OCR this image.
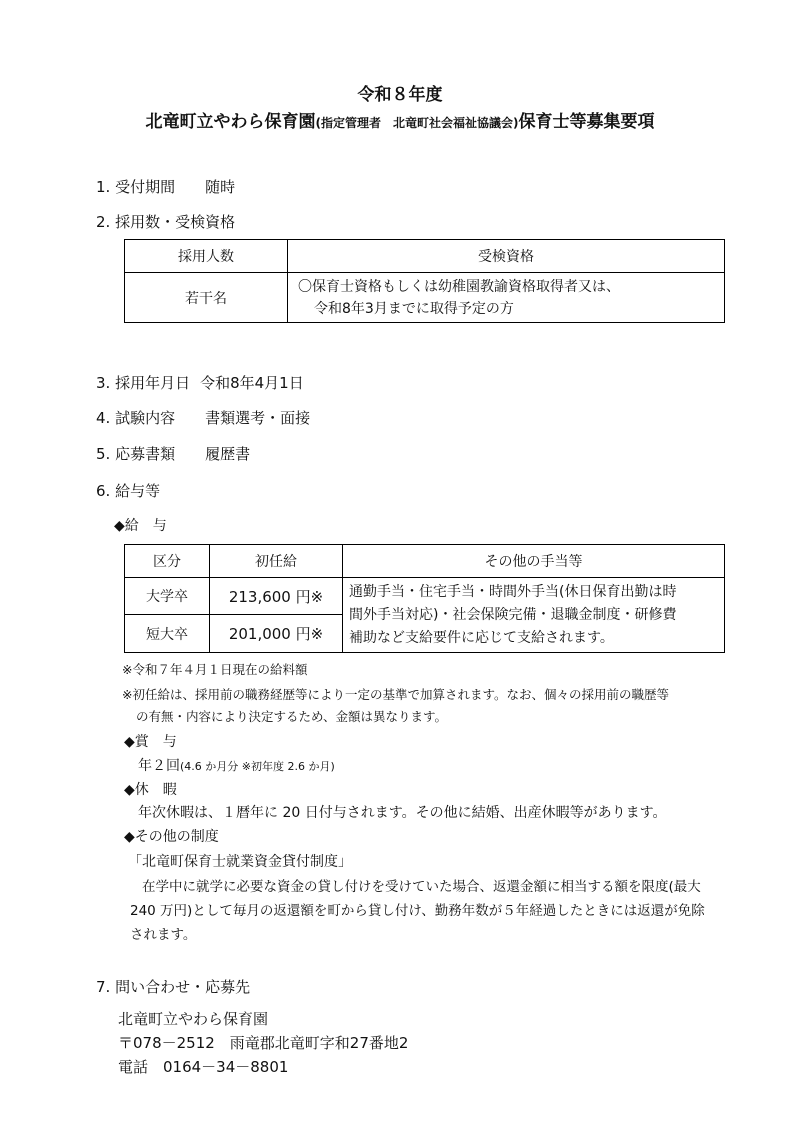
令和８年度
北竜町立やわら保育園(指定管理者　北竜町社会福祉協議会)保育士等募集要項
1. 受付期間 随時
2. 採用数・受検資格
採用人数	受検資格
若干名	〇保育士資格もしくは幼稚園教諭資格取得者又は、
令和8年3月までに取得予定の方
3. 採用年月日 令和8年4月1日
4. 試験内容 書類選考・面接
5. 応募書類 履歴書
6. 給与等
◆給　与
区分	初任給	その他の手当等
大学卒	213,600 円※	通勤手当・住宅手当・時間外手当(休日保育出勤は時
間外手当対応)・社会保険完備・退職金制度・研修費
補助など支給要件に応じて支給されます。

短大卒	201,000 円※	
※令和７年４月１日現在の給料額
※初任給は、採用前の職務経歴等により一定の基準で加算されます。なお、個々の採用前の職歴等
の有無・内容により決定するため、金額は異なります。
◆賞　与
年２回(4.6 か月分 ※初年度 2.6 か月)
◆休　暇
年次休暇は、１暦年に 20 日付与されます。その他に結婚、出産休暇等があります。
◆その他の制度
「北竜町保育士就業資金貸付制度」
在学中に就学に必要な資金の貸し付けを受けていた場合、返還金額に相当する額を限度(最大
240 万円)として毎月の返還額を町から貸し付け、勤務年数が５年経過したときには返還が免除
されます。
7. 問い合わせ・応募先
北竜町立やわら保育園
〒078－2512　雨竜郡北竜町字和27番地2
電話　0164－34－8801
